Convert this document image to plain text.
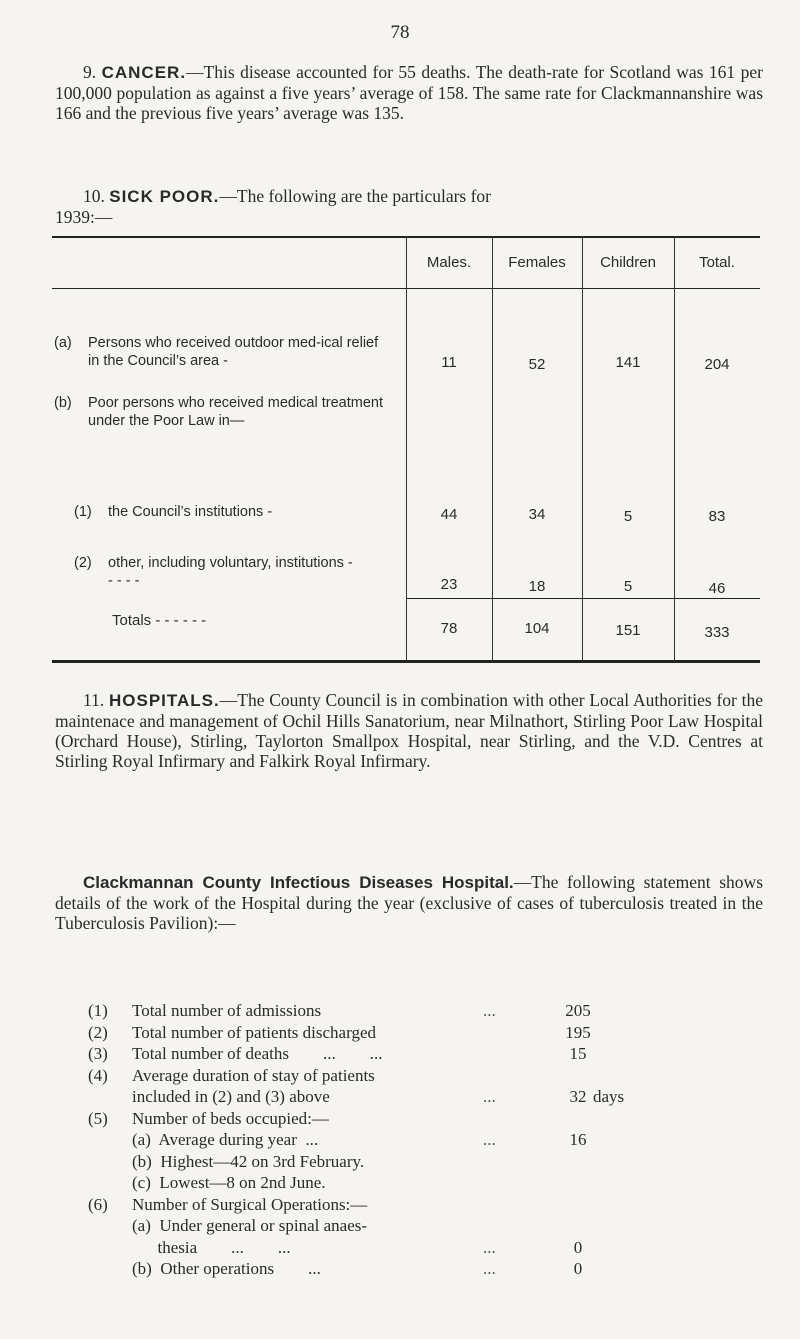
78
9. CANCER.—This disease accounted for 55 deaths. The death-rate for Scotland was 161 per 100,000 population as against a five years’ average of 158. The same rate for Clackmannanshire was 166 and the previous five years’ average was 135.
10. SICK POOR.—The following are the particulars for
1939:—
Males.	Females	Children	Total.
(a)	Persons who received outdoor med-ical relief in the Council’s area -	11	52	141	204
(b)	Poor persons who received medical treatment under the Poor Law in—
(1)	the Council’s institutions -	44	34	5	83
(2)	other, including voluntary, institutions - - - - -	23	18	5	46
Totals - - - - - -	78	104	151	333
11. HOSPITALS.—The County Council is in combination with other Local Authorities for the maintenace and management of Ochil Hills Sanatorium, near Milnathort, Stirling Poor Law Hospital (Orchard House), Stirling, Taylorton Smallpox Hospital, near Stirling, and the V.D. Centres at Stirling Royal Infirmary and Falkirk Royal Infirmary.
Clackmannan County Infectious Diseases Hospital.—The following statement shows details of the work of the Hospital during the year (exclusive of cases of tuberculosis treated in the Tuberculosis Pavilion):—
(1) Total number of admissions	...	205
(2) Total number of patients discharged	195
(3) Total number of deaths        ...        ...	15
(4) Average duration of stay of patients
included in (2) and (3) above	...	32 days
(5) Number of beds occupied:—
(a)  Average during year  ...	...	16
(b)  Highest—42 on 3rd February.
(c)  Lowest—8 on 2nd June.
(6) Number of Surgical Operations:—
(a)  Under general or spinal anaes-
thesia        ...        ...	...	0
(b)  Other operations        ...	...	0
